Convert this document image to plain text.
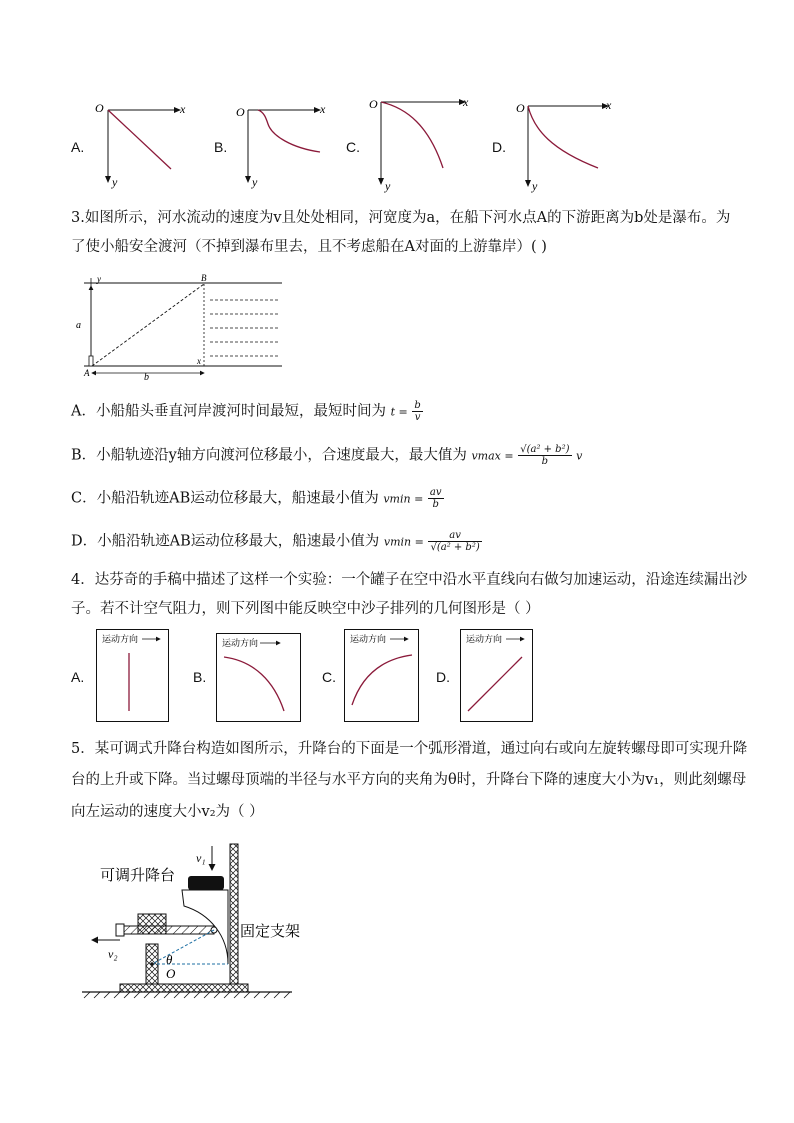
A.	B.	C.	D.
O	x
y
O	x
y
O	x
y
O	x
y
3.如图所示，河水流动的速度为v且处处相同，河宽度为a，在船下河水点A的下游距离为b处是瀑布。为
了使小船安全渡河（不掉到瀑布里去，且不考虑船在A对面的上游靠岸）( )
a
y	B
A
x
b
A．小船船头垂直河岸渡河时间最短，最短时间为 $t = \frac{b}{v}$
B．小船轨迹沿y轴方向渡河位移最小，合速度最大，最大值为 $vmax = \frac{\text{√(a² + b²)}}{b}$ v
C．小船沿轨迹AB运动位移最大，船速最小值为 $vmin = \frac{av}{b}$
D．小船沿轨迹AB运动位移最大，船速最小值为 $vmin = \frac{av}{\text{√(a² + b²)}}$
4．达芬奇的手稿中描述了这样一个实验：一个罐子在空中沿水平直线向右做匀加速运动，沿途连续漏出沙
子。若不计空气阻力，则下列图中能反映空中沙子排列的几何图形是（ ）
A.	B.	C.	D.
运动方向	运动方向	运动方向	运动方向
5．某可调式升降台构造如图所示，升降台的下面是一个弧形滑道，通过向右或向左旋转螺母即可实现升降
台的上升或下降。当过螺母顶端的半径与水平方向的夹角为θ时，升降台下降的速度大小为v₁，则此刻螺母
向左运动的速度大小v₂为（ ）
θ
O
v₁
v₂
可调升降台
固定支架
